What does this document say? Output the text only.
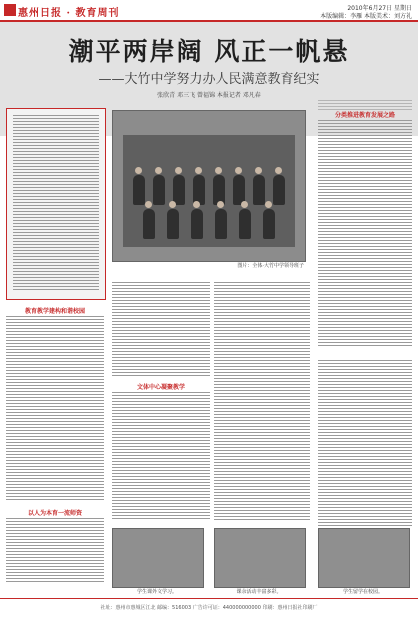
惠州日报 · 教育周刊	2010年6月27日 星期日
本版编辑：李雁 本版美术：刘方礼
潮平两岸阔 风正一帆悬
——大竹中学努力办人民满意教育纪实
张欣青 邓三飞 曾福锦 本报记者 邓凡春
图片：全体·大竹中学领导班子
分类推进教育发展之路
教育教学建构和谐校园
以人为本育一流师资
文体中心凝聚教学
学生课外文学习。	课余活动丰富多彩。	学生留学在校园。
社址：惠州市惠城区江北 邮编：516003 广告许可证：440000000000 印刷：惠州日报社印刷厂
